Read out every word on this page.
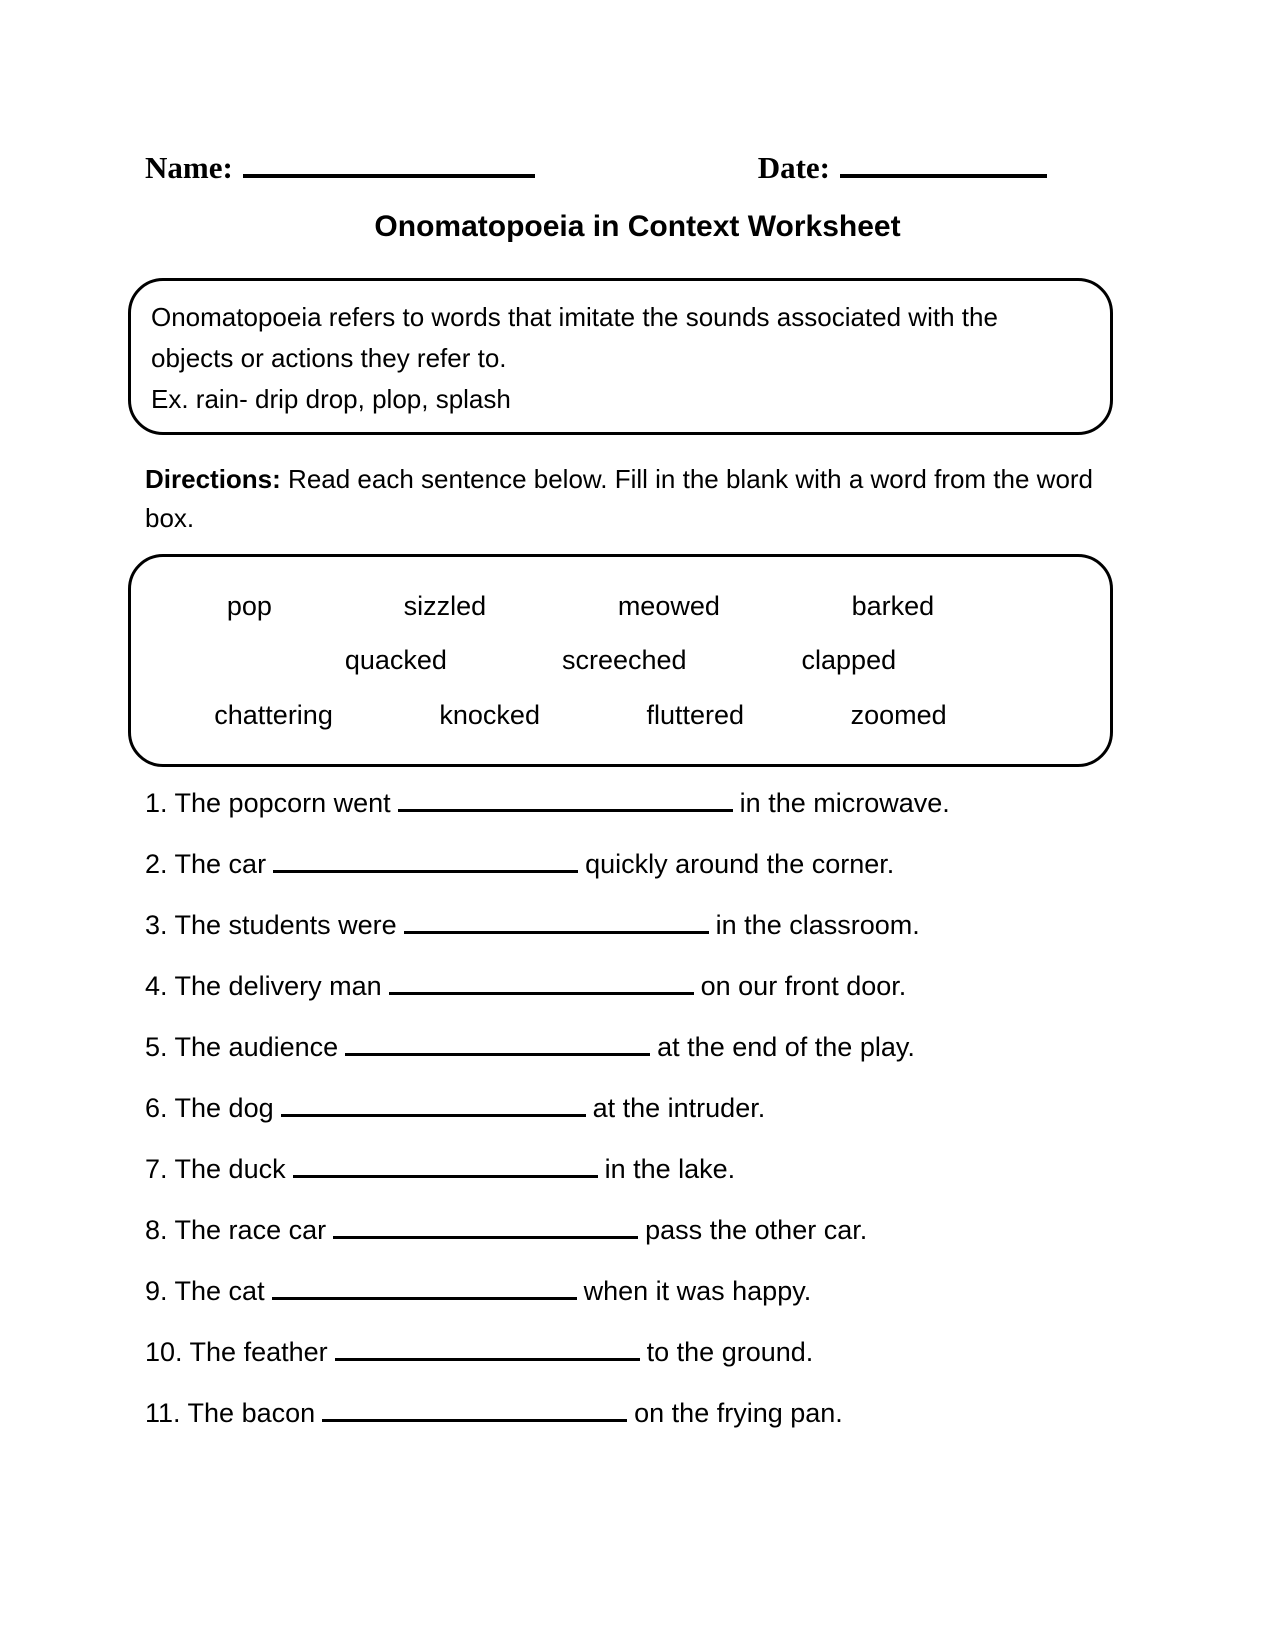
Name:	Date:
Onomatopoeia in Context Worksheet
Onomatopoeia refers to words that imitate the sounds associated with the
objects or actions they refer to.
Ex. rain- drip drop, plop, splash
Directions: Read each sentence below. Fill in the blank with a word from the word
box.
pop	sizzled	meowed	barked
quacked	screeched	clapped
chattering	knocked	fluttered	zoomed
1. The popcorn went	in the microwave.
2. The car	quickly around the corner.
3. The students were	in the classroom.
4. The delivery man	on our front door.
5. The audience	at the end of the play.
6. The dog	at the intruder.
7. The duck	in the lake.
8. The race car	pass the other car.
9. The cat	when it was happy.
10. The feather	to the ground.
11. The bacon	on the frying pan.
